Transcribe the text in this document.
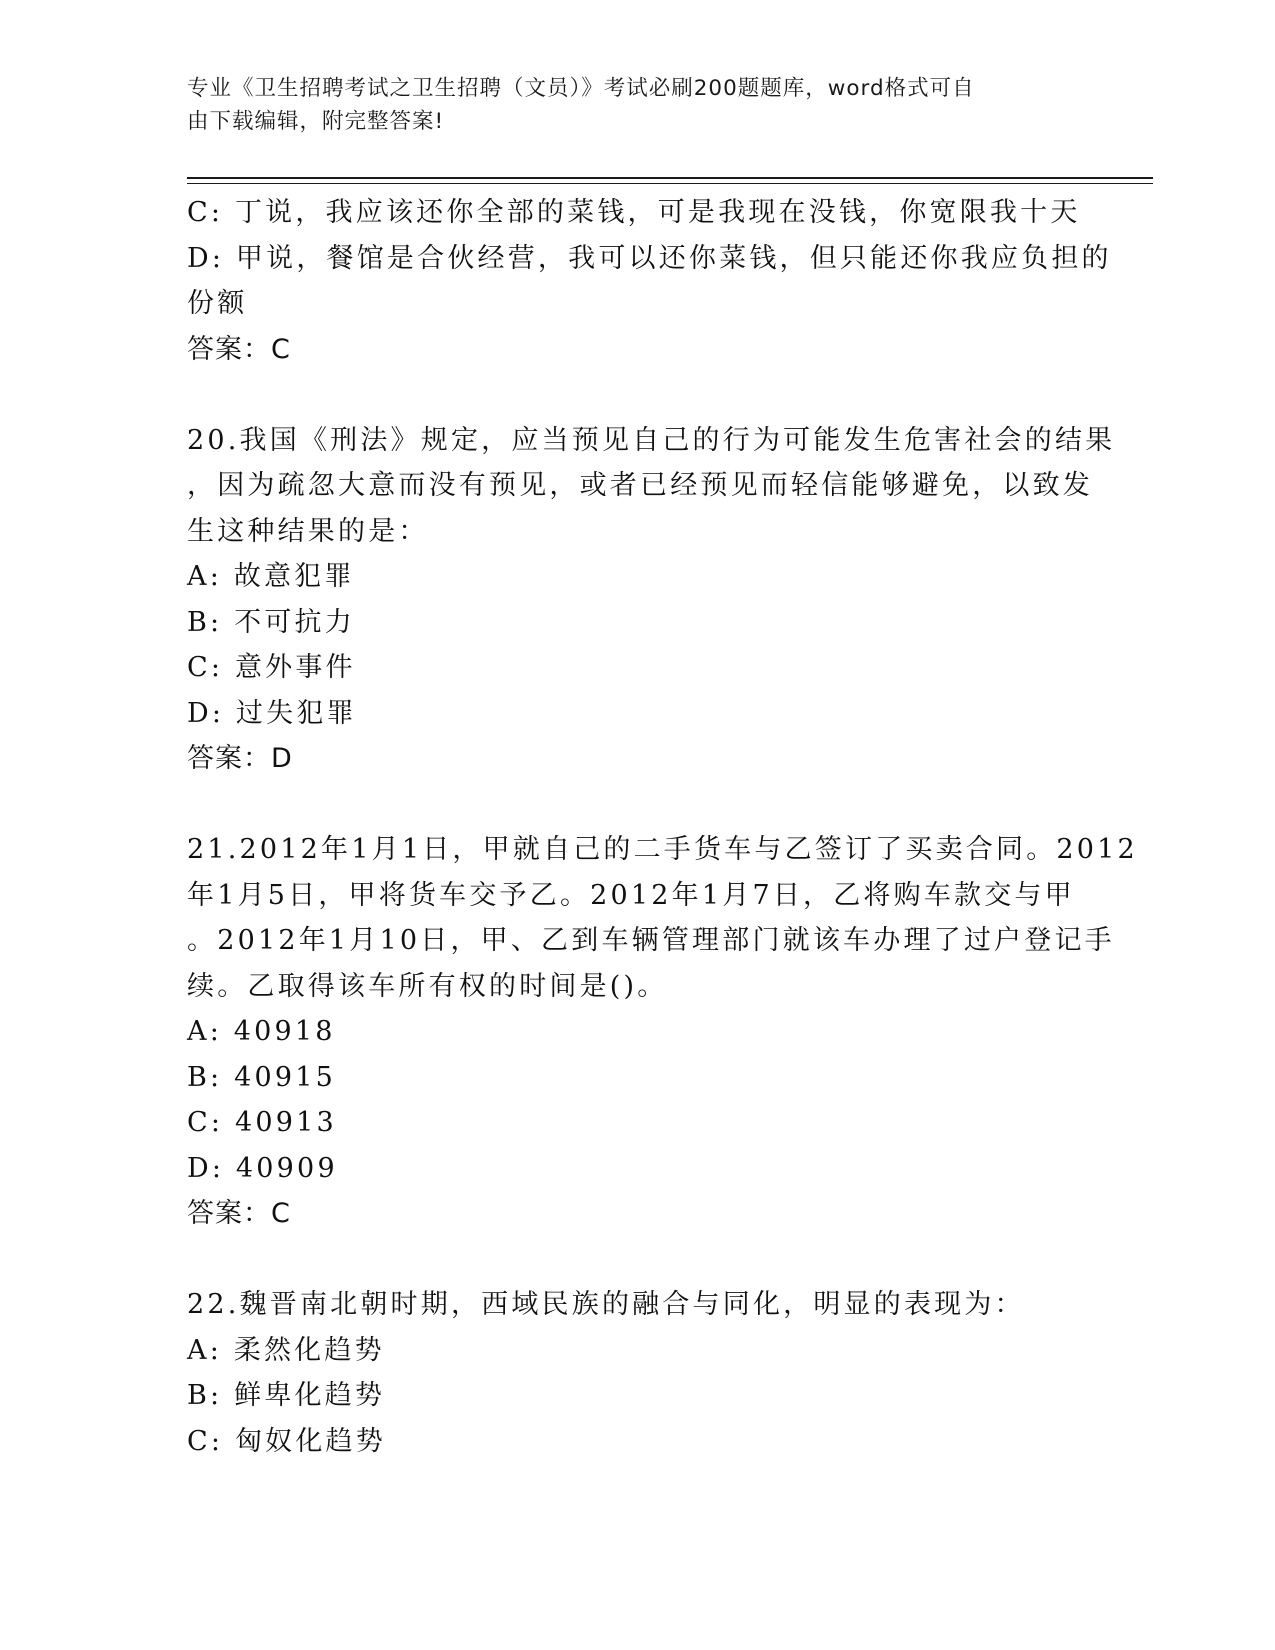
专业《卫生招聘考试之卫生招聘（文员）》考试必刷200题题库，word格式可自
由下载编辑，附完整答案!
C: 丁说，我应该还你全部的菜钱，可是我现在没钱，你宽限我十天
D: 甲说，餐馆是合伙经营，我可以还你菜钱，但只能还你我应负担的
份额
答案：C
20.我国《刑法》规定，应当预见自己的行为可能发生危害社会的结果
，因为疏忽大意而没有预见，或者已经预见而轻信能够避免，以致发
生这种结果的是：
A: 故意犯罪
B: 不可抗力
C: 意外事件
D: 过失犯罪
答案：D
21.2012年1月1日，甲就自己的二手货车与乙签订了买卖合同。2012
年1月5日，甲将货车交予乙。2012年1月7日，乙将购车款交与甲
。2012年1月10日，甲、乙到车辆管理部门就该车办理了过户登记手
续。乙取得该车所有权的时间是()。
A: 40918
B: 40915
C: 40913
D: 40909
答案：C
22.魏晋南北朝时期，西域民族的融合与同化，明显的表现为：
A: 柔然化趋势
B: 鲜卑化趋势
C: 匈奴化趋势
